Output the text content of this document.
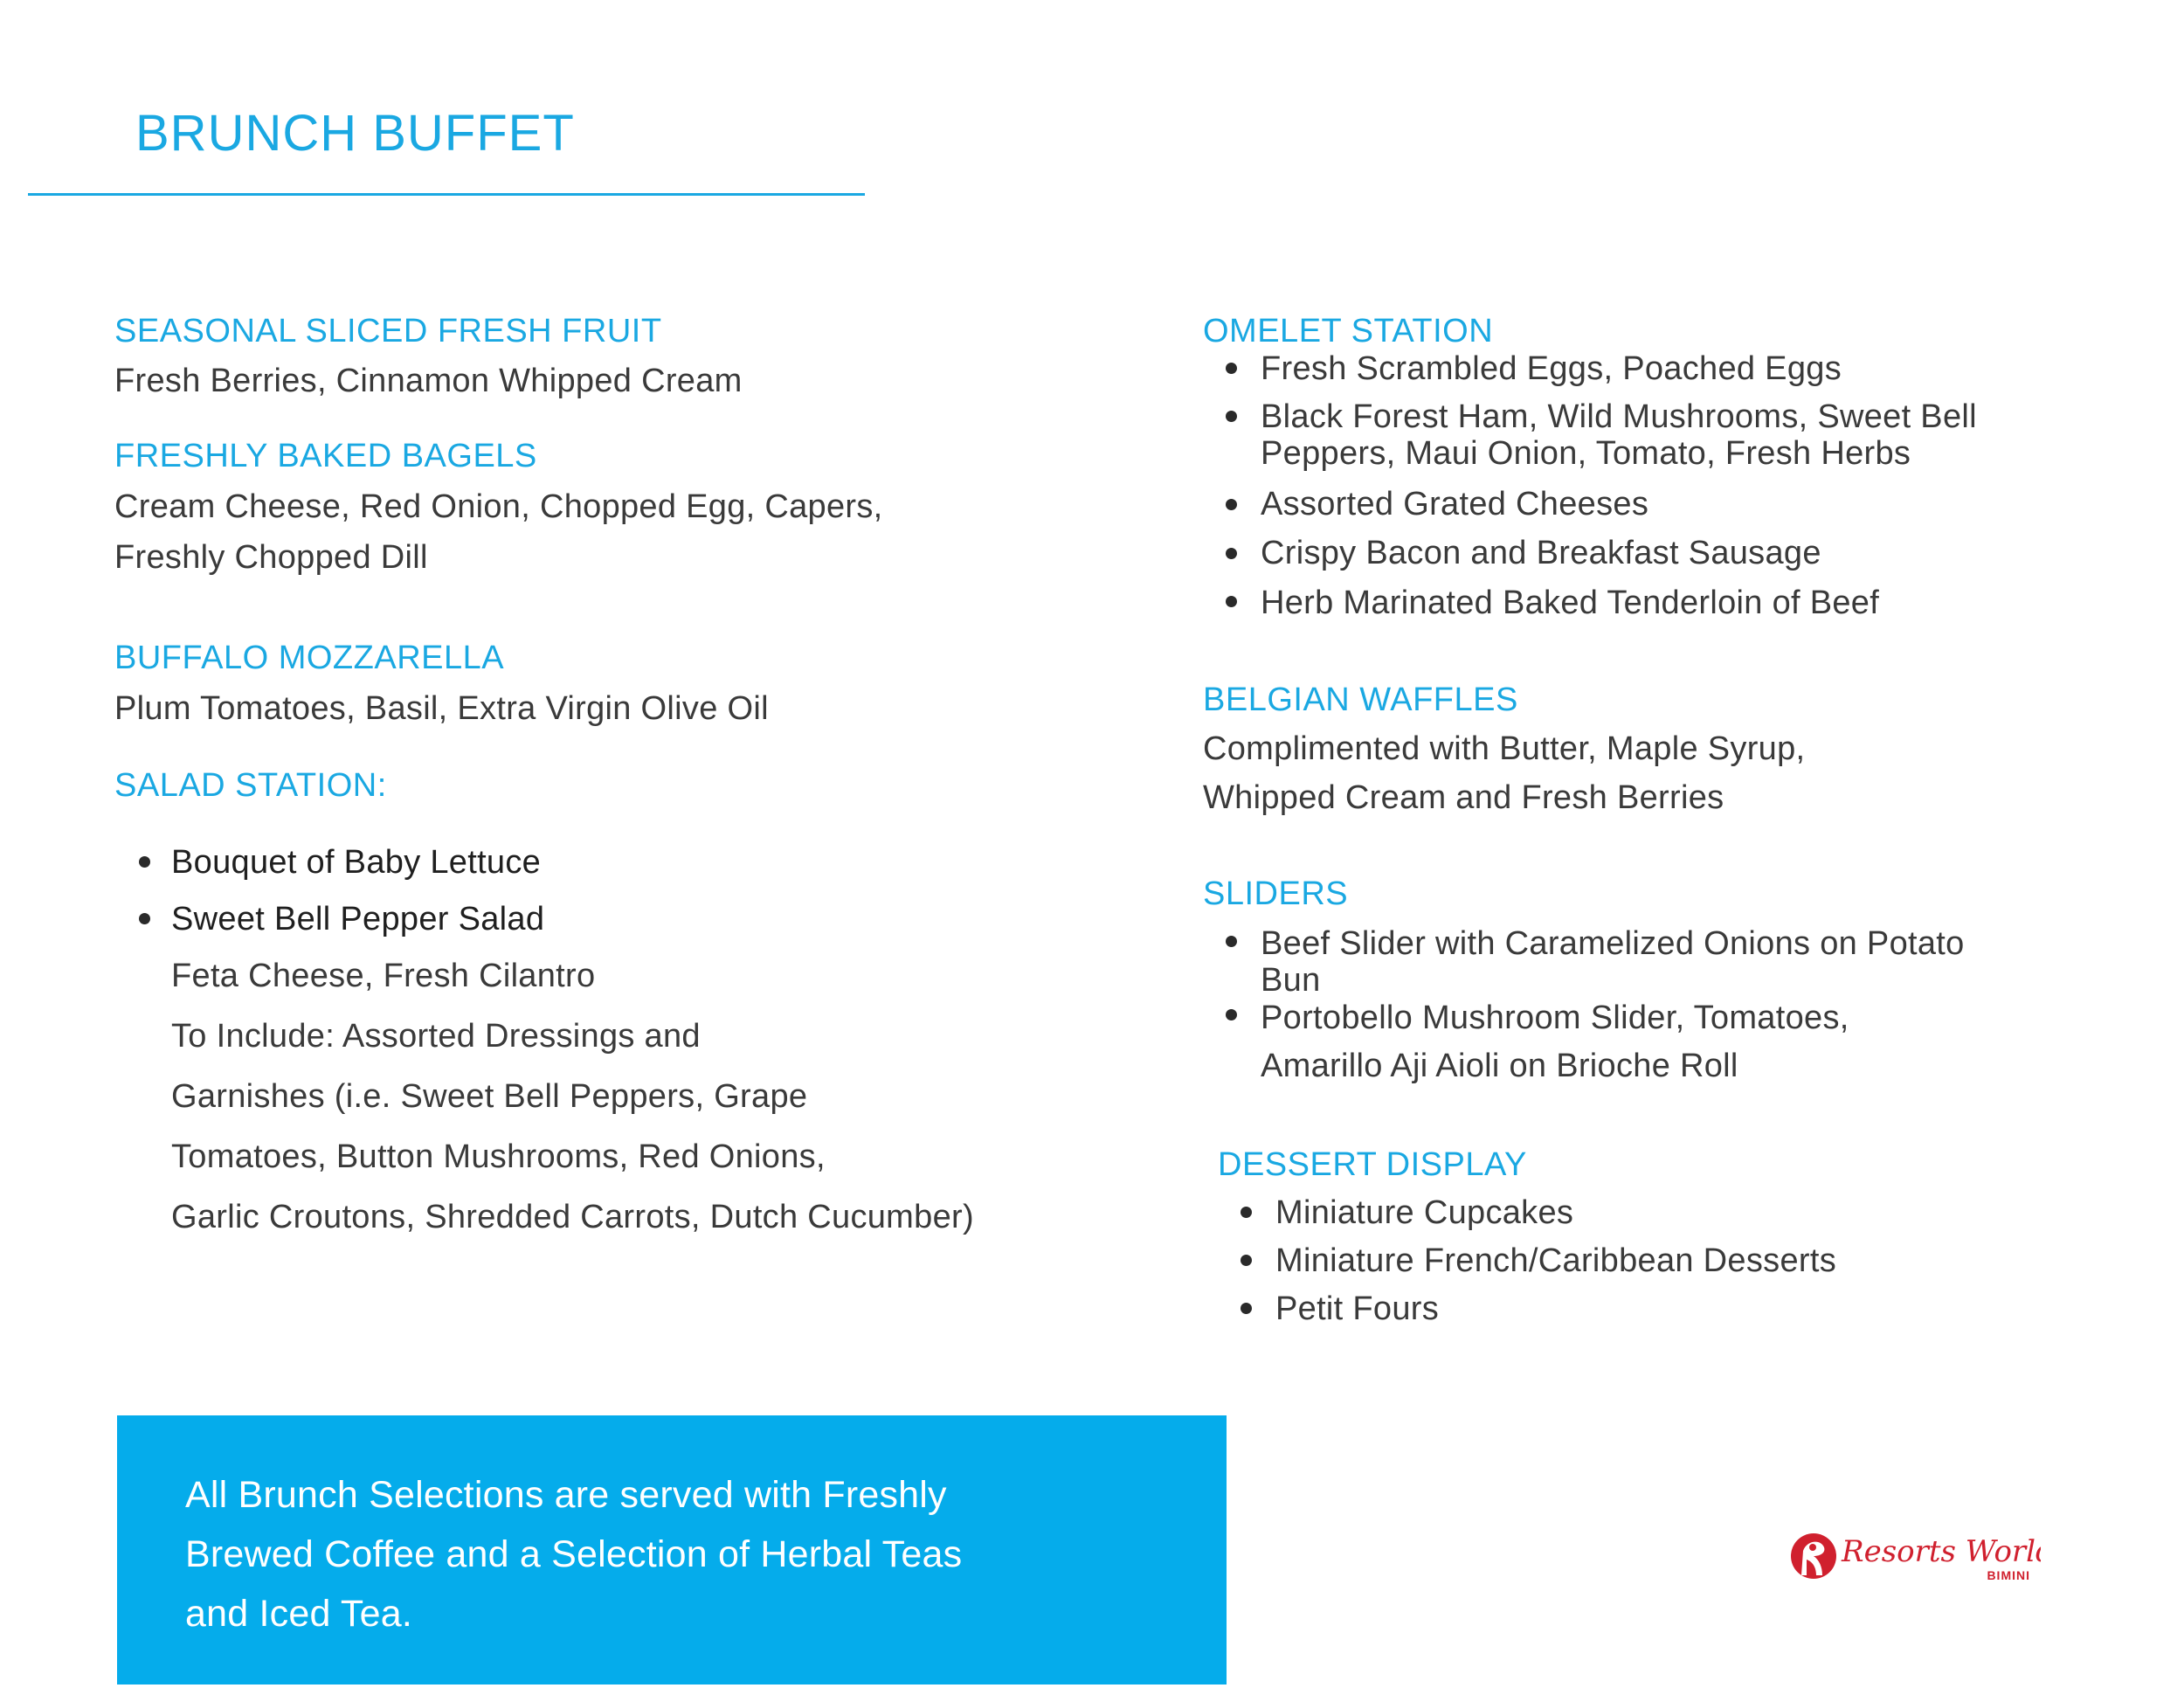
BRUNCH BUFFET
SEASONAL SLICED FRESH FRUIT
Fresh Berries, Cinnamon Whipped Cream
FRESHLY BAKED BAGELS
Cream Cheese, Red Onion, Chopped Egg, Capers,
Freshly Chopped Dill
BUFFALO MOZZARELLA
Plum Tomatoes, Basil, Extra Virgin Olive Oil
SALAD STATION:
Bouquet of Baby Lettuce
Sweet Bell Pepper Salad
Feta Cheese, Fresh Cilantro
To Include: Assorted Dressings and
Garnishes (i.e. Sweet Bell Peppers, Grape
Tomatoes, Button Mushrooms, Red Onions,
Garlic Croutons, Shredded Carrots, Dutch Cucumber)
OMELET STATION
Fresh Scrambled Eggs, Poached Eggs
Black Forest Ham, Wild Mushrooms, Sweet Bell
Peppers, Maui Onion, Tomato, Fresh Herbs
Assorted Grated Cheeses
Crispy Bacon and Breakfast Sausage
Herb Marinated Baked Tenderloin of Beef
BELGIAN WAFFLES
Complimented with Butter, Maple Syrup,
Whipped Cream and Fresh Berries
SLIDERS
Beef Slider with Caramelized Onions on Potato
Bun
Portobello Mushroom Slider, Tomatoes,
Amarillo Aji Aioli on Brioche Roll
DESSERT DISPLAY
Miniature Cupcakes
Miniature French/Caribbean Desserts
Petit Fours
All Brunch Selections are served with Freshly
Brewed Coffee and a Selection of Herbal Teas
and Iced Tea.
Resorts World
BIMINI
